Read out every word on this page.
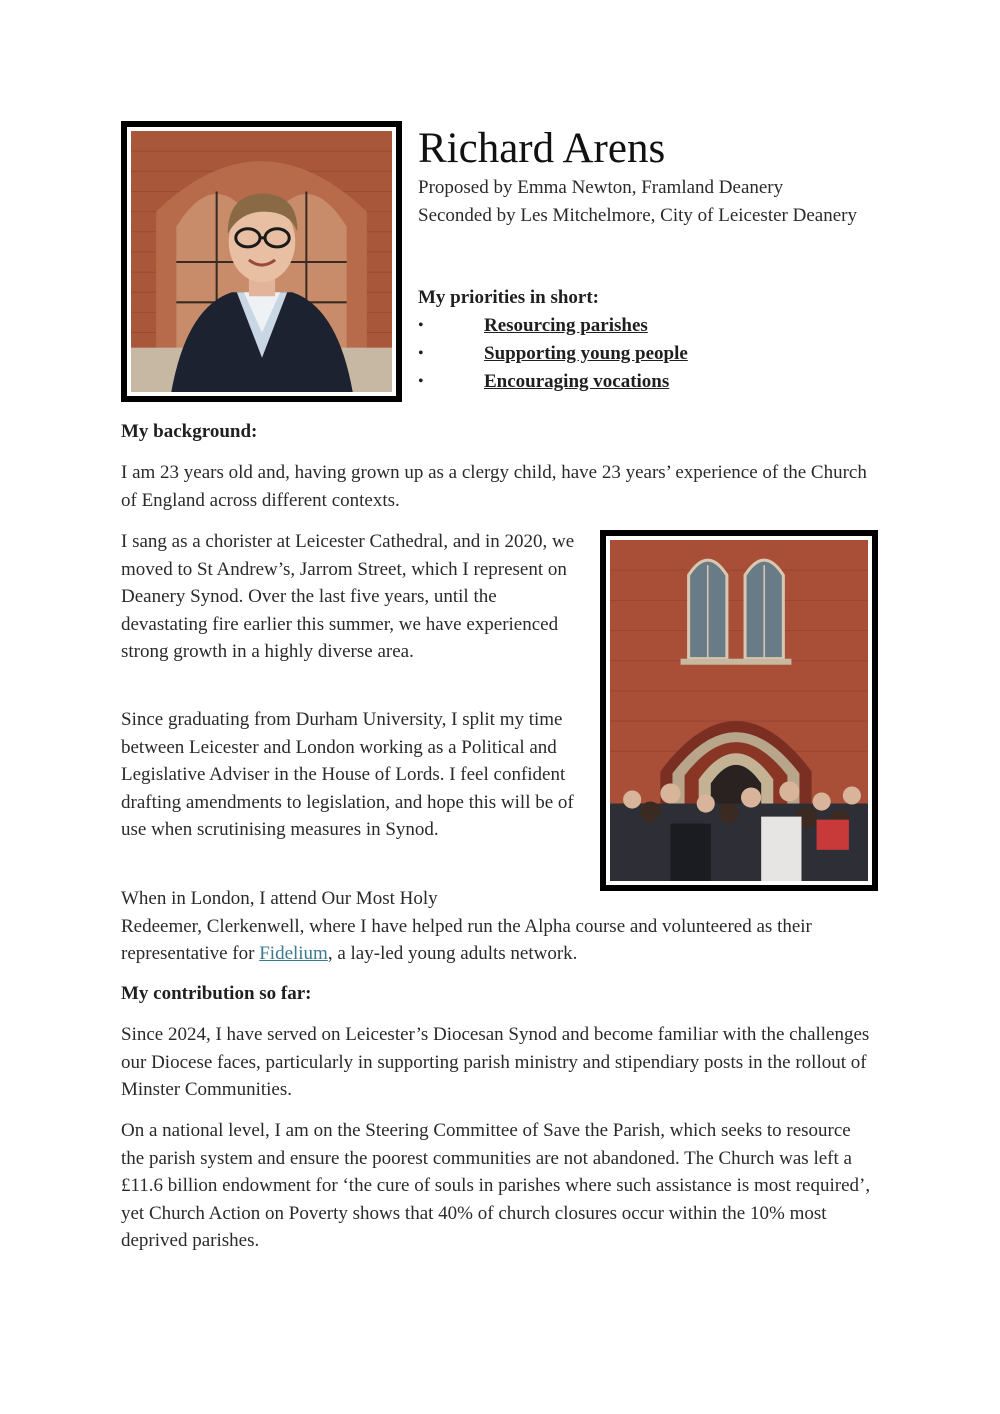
Richard Arens

Proposed by Emma Newton, Framland Deanery

Seconded by Les Mitchelmore, City of Leicester Deanery

My priorities in short:

•	Resourcing parishes
•	Supporting young people
•	Encouraging vocations

My background:

I am 23 years old and, having grown up as a clergy child, have 23 years’ experience of the Church of England across different contexts.

I sang as a chorister at Leicester Cathedral, and in 2020, we moved to St Andrew’s, Jarrom Street, which I represent on Deanery Synod. Over the last five years, until the devastating fire earlier this summer, we have experienced strong growth in a highly diverse area.

Since graduating from Durham University, I split my time between Leicester and London working as a Political and Legislative Adviser in the House of Lords. I feel confident drafting amendments to legislation, and hope this will be of use when scrutinising measures in Synod.

When in London, I attend Our Most Holy
Redeemer, Clerkenwell, where I have helped run the Alpha course and volunteered as their representative for Fidelium, a lay-led young adults network.

My contribution so far:

Since 2024, I have served on Leicester’s Diocesan Synod and become familiar with the challenges our Diocese faces, particularly in supporting parish ministry and stipendiary posts in the rollout of Minster Communities.

On a national level, I am on the Steering Committee of Save the Parish, which seeks to resource the parish system and ensure the poorest communities are not abandoned. The Church was left a £11.6 billion endowment for ‘the cure of souls in parishes where such assistance is most required’, yet Church Action on Poverty shows that 40% of church closures occur within the 10% most deprived parishes.
